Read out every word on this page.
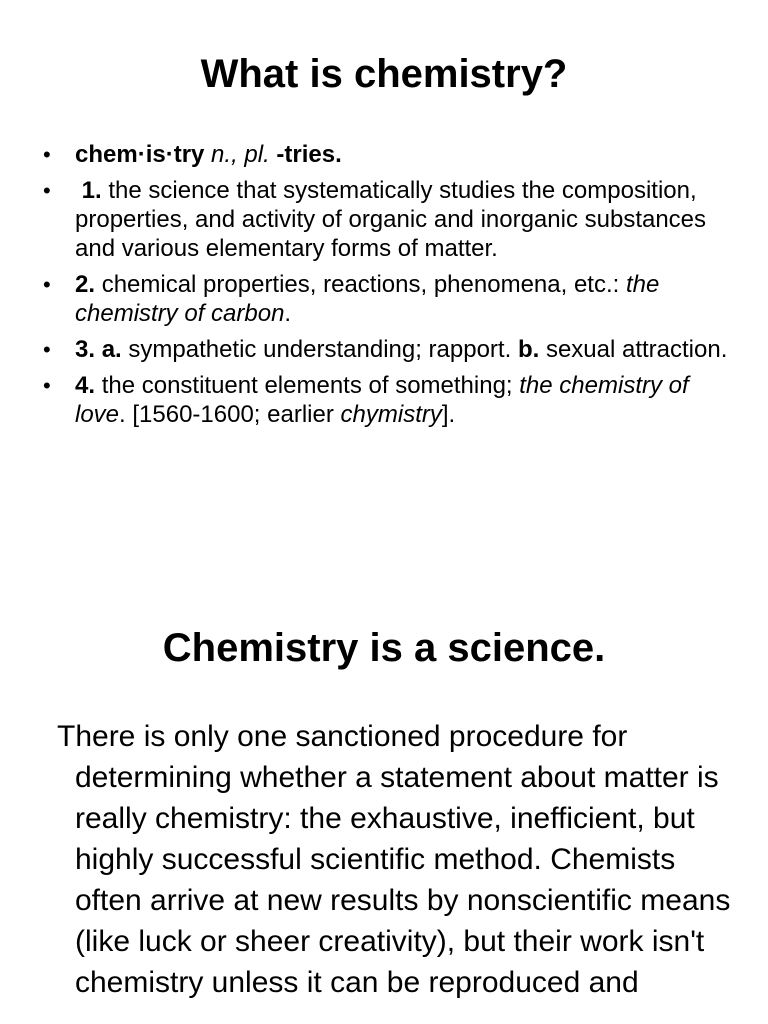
What is chemistry?
• chem·is·try n., pl. -tries.
• 1. the science that systematically studies the composition, properties, and activity of organic and inorganic substances and various elementary forms of matter.
• 2. chemical properties, reactions, phenomena, etc.: the chemistry of carbon.
• 3. a. sympathetic understanding; rapport. b. sexual attraction.
• 4. the constituent elements of something; the chemistry of love. [1560-1600; earlier chymistry].
Chemistry is a science.

There is only one sanctioned procedure for determining whether a statement about matter is really chemistry: the exhaustive, inefficient, but highly successful scientific method. Chemists often arrive at new results by nonscientific means (like luck or sheer creativity), but their work isn't chemistry unless it can be reproduced and
